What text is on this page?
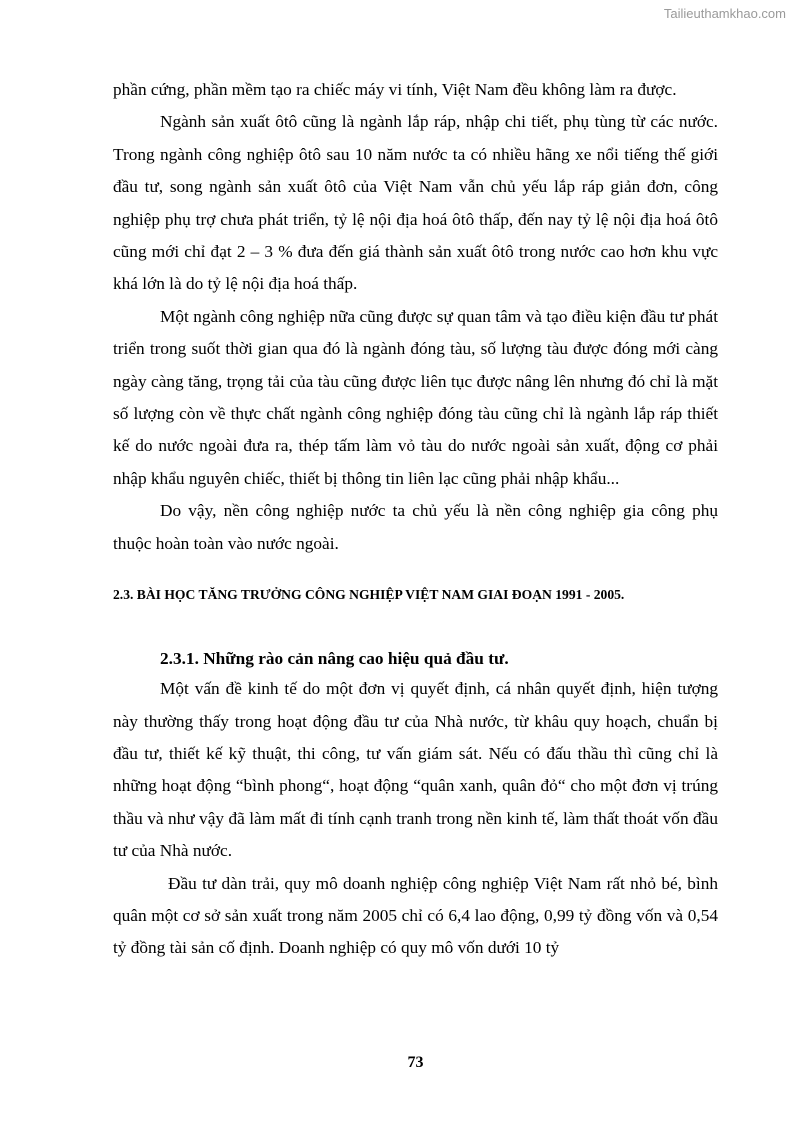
Tailieuthamkhao.com

phần cứng, phần mềm tạo ra chiếc máy vi tính, Việt Nam đều không làm ra được.

Ngành sản xuất ôtô cũng là ngành lắp ráp, nhập chi tiết, phụ tùng từ các nước. Trong ngành công nghiệp ôtô sau 10 năm nước ta có nhiều hãng xe nổi tiếng thế giới đầu tư, song ngành sản xuất ôtô của Việt Nam vẫn chủ yếu lắp ráp giản đơn, công nghiệp phụ trợ chưa phát triển, tỷ lệ nội địa hoá ôtô thấp, đến nay tỷ lệ nội địa hoá ôtô cũng mới chỉ đạt 2 – 3 % đưa đến giá thành sản xuất ôtô trong nước cao hơn khu vực khá lớn là do tỷ lệ nội địa hoá thấp.

Một ngành công nghiệp nữa cũng được sự quan tâm và tạo điều kiện đầu tư phát triển trong suốt thời gian qua đó là ngành đóng tàu, số lượng tàu được đóng mới càng ngày càng tăng, trọng tải của tàu cũng được liên tục được nâng lên nhưng đó chỉ là mặt số lượng còn về thực chất ngành công nghiệp đóng tàu cũng chỉ là ngành lắp ráp thiết kế do nước ngoài đưa ra, thép tấm làm vỏ tàu do nước ngoài sản xuất, động cơ phải nhập khẩu nguyên chiếc, thiết bị thông tin liên lạc cũng phải nhập khẩu...

Do vậy, nền công nghiệp nước ta chủ yếu là nền công nghiệp gia công phụ thuộc hoàn toàn vào nước ngoài.

2.3. BÀI HỌC TĂNG TRƯỞNG CÔNG NGHIỆP VIỆT NAM GIAI ĐOẠN 1991 - 2005.
2.3.1. Những rào cản nâng cao hiệu quả đầu tư.

Một vấn đề kinh tế do một đơn vị quyết định, cá nhân quyết định, hiện tượng này thường thấy trong hoạt động đầu tư của Nhà nước, từ khâu quy hoạch, chuẩn bị đầu tư, thiết kế kỹ thuật, thi công, tư vấn giám sát. Nếu có đấu thầu thì cũng chỉ là những hoạt động “bình phong“, hoạt động “quân xanh, quân đỏ“ cho một đơn vị trúng thầu và như vậy đã làm mất đi tính cạnh tranh trong nền kinh tế, làm thất thoát vốn đầu tư của Nhà nước.

Đầu tư dàn trải, quy mô doanh nghiệp công nghiệp Việt Nam rất nhỏ bé, bình quân một cơ sở sản xuất trong năm 2005 chỉ có 6,4 lao động, 0,99 tỷ đồng vốn và 0,54 tỷ đồng tài sản cố định. Doanh nghiệp có quy mô vốn dưới 10 tỷ

73
